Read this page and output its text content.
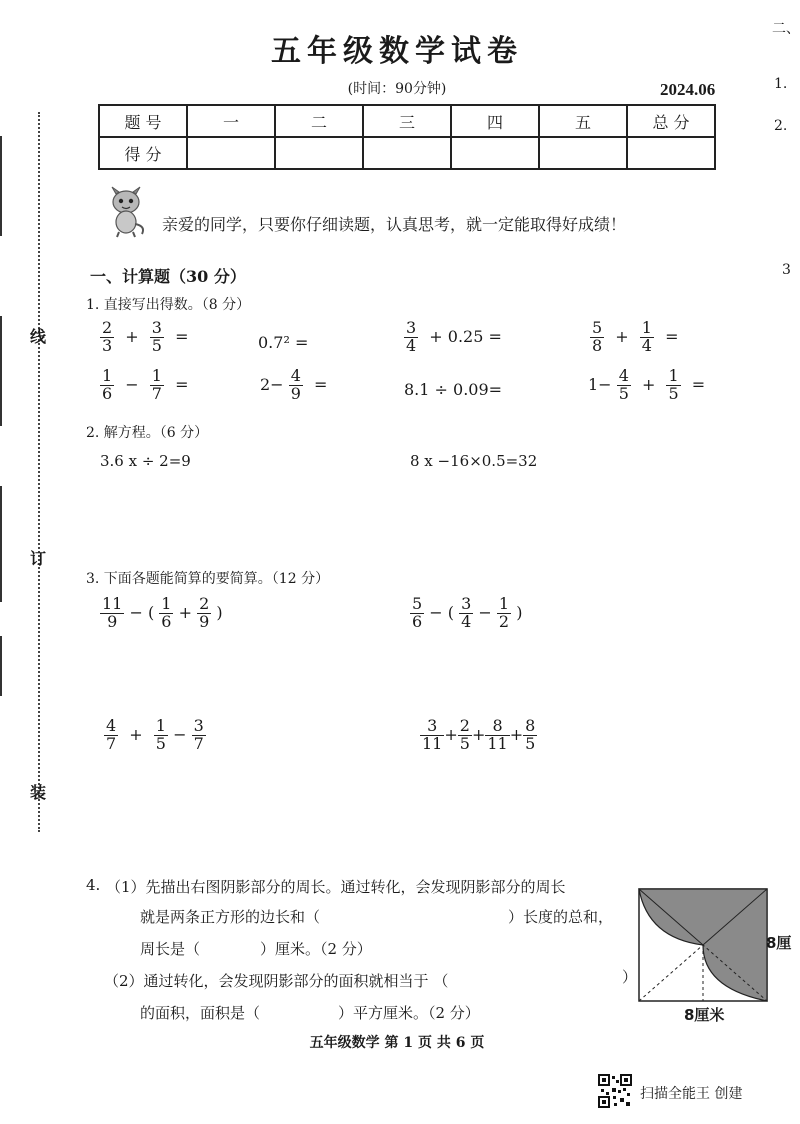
五年级数学试卷
(时间：90分钟)	2024.06
二、
1.
2.
3
题 号	一	二	三	四	五	总 分
得 分						
亲爱的同学，只要你仔细读题，认真思考，就一定能取得好成绩！
线
订
装
一、计算题（30 分）
1. 直接写出得数。（8 分）
$\frac{2}{3} + \frac{3}{5}$ =	0.7² =	$\frac{3}{4} + 0.25$ =	$\frac{5}{8} + \frac{1}{4}$ =
$\frac{1}{6} - \frac{1}{7}$ =	$2- \frac{4}{9}$ =	8.1 ÷ 0.09=	$1- \frac{4}{5} + \frac{1}{5}$ =
2. 解方程。（6 分）
3.6 x ÷ 2=9	8 x −16×0.5=32
3. 下面各题能简算的要简算。（12 分）
$\frac{11}{9}$ − ( $\frac{1}{6} + \frac{2}{9}$ )	$\frac{5}{6}$ − ( $\frac{3}{4} - \frac{1}{2}$ )
$\frac{4}{7} + \frac{1}{5} - \frac{3}{7}$	$\frac{3}{11} + \frac{2}{5} + \frac{8}{11} + \frac{8}{5}$
4. （1）先描出右图阴影部分的周长。通过转化，会发现阴影部分的周长
就是两条正方形的边长和（	）长度的总和，
周长是（	）厘米。（2 分）
（2）通过转化，会发现阴影部分的面积就相当于 （	）
的面积，面积是（	）平方厘米。（2 分）
8厘
8厘米
五年级数学 第 1 页 共 6 页
扫描全能王 创建
